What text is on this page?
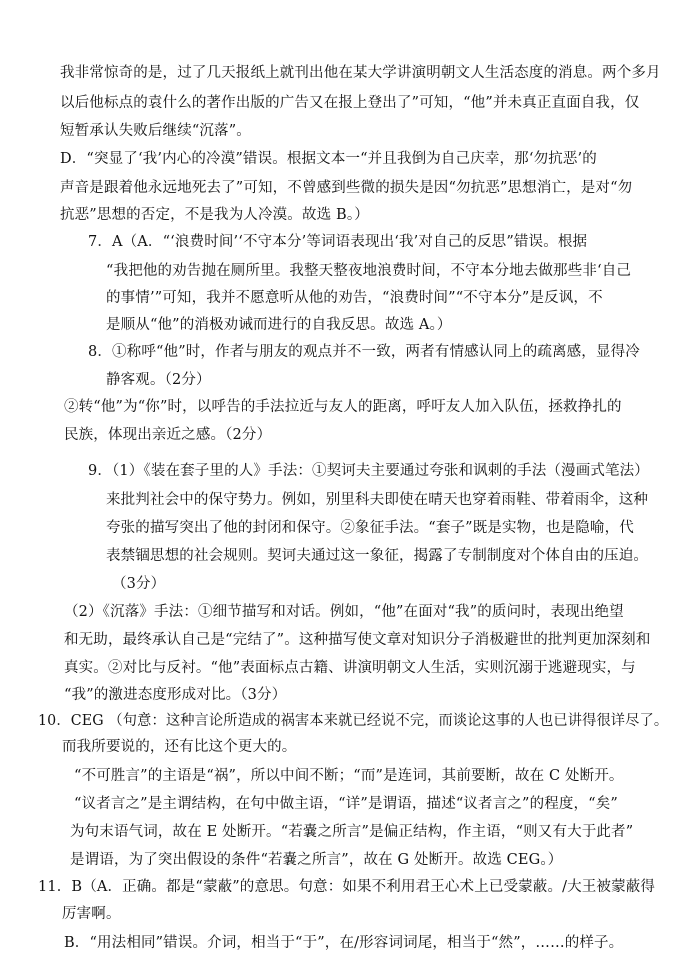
我非常惊奇的是，过了几天报纸上就刊出他在某大学讲演明朝文人生活态度的消息。两个多月
以后他标点的袁什么的著作出版的广告又在报上登出了”可知，“他”并未真正直面自我，仅
短暂承认失败后继续“沉落”。
D．“突显了‘我’内心的冷漠”错误。根据文本一“并且我倒为自己庆幸，那‘勿抗恶’的
声音是跟着他永远地死去了”可知，不曾感到些微的损失是因“勿抗恶”思想消亡，是对“勿
抗恶”思想的否定，不是我为人冷漠。故选 B。）
7．A（A．“‘浪费时间’‘不守本分’等词语表现出‘我’对自己的反思”错误。根据
“我把他的劝告抛在厕所里。我整天整夜地浪费时间，不守本分地去做那些非‘自己
的事情’”可知，我并不愿意听从他的劝告，“浪费时间”“不守本分”是反讽，不
是顺从“他”的消极劝诫而进行的自我反思。故选 A。）
8．①称呼“他”时，作者与朋友的观点并不一致，两者有情感认同上的疏离感，显得冷
静客观。（2分）
②转“他”为“你”时，以呼告的手法拉近与友人的距离，呼吁友人加入队伍，拯救挣扎的
民族，体现出亲近之感。（2分）
9．（1）《装在套子里的人》手法：①契诃夫主要通过夸张和讽刺的手法（漫画式笔法）
来批判社会中的保守势力。例如，别里科夫即使在晴天也穿着雨鞋、带着雨伞，这种
夸张的描写突出了他的封闭和保守。②象征手法。“套子”既是实物，也是隐喻，代
表禁锢思想的社会规则。契诃夫通过这一象征，揭露了专制制度对个体自由的压迫。
（3分）
（2）《沉落》手法：①细节描写和对话。例如，“他”在面对“我”的质问时，表现出绝望
和无助，最终承认自己是“完结了”。这种描写使文章对知识分子消极避世的批判更加深刻和
真实。②对比与反衬。“他”表面标点古籍、讲演明朝文人生活，实则沉溺于逃避现实，与
“我”的激进态度形成对比。（3分）
10．CEG （句意：这种言论所造成的祸害本来就已经说不完，而谈论这事的人也已讲得很详尽了。
而我所要说的，还有比这个更大的。
“不可胜言”的主语是“祸”，所以中间不断；“而”是连词，其前要断，故在 C 处断开。
“议者言之”是主谓结构，在句中做主语，“详”是谓语，描述“议者言之”的程度，“矣”
为句末语气词，故在 E 处断开。“若嚢之所言”是偏正结构，作主语，“则又有大于此者”
是谓语，为了突出假设的条件“若嚢之所言”，故在 G 处断开。故选 CEG。）
11．B（A．正确。都是“蒙蔽”的意思。句意：如果不利用君王心术上已受蒙蔽。/大王被蒙蔽得
厉害啊。
B．“用法相同”错误。介词，相当于“于”，在/形容词词尾，相当于“然”，……的样子。
